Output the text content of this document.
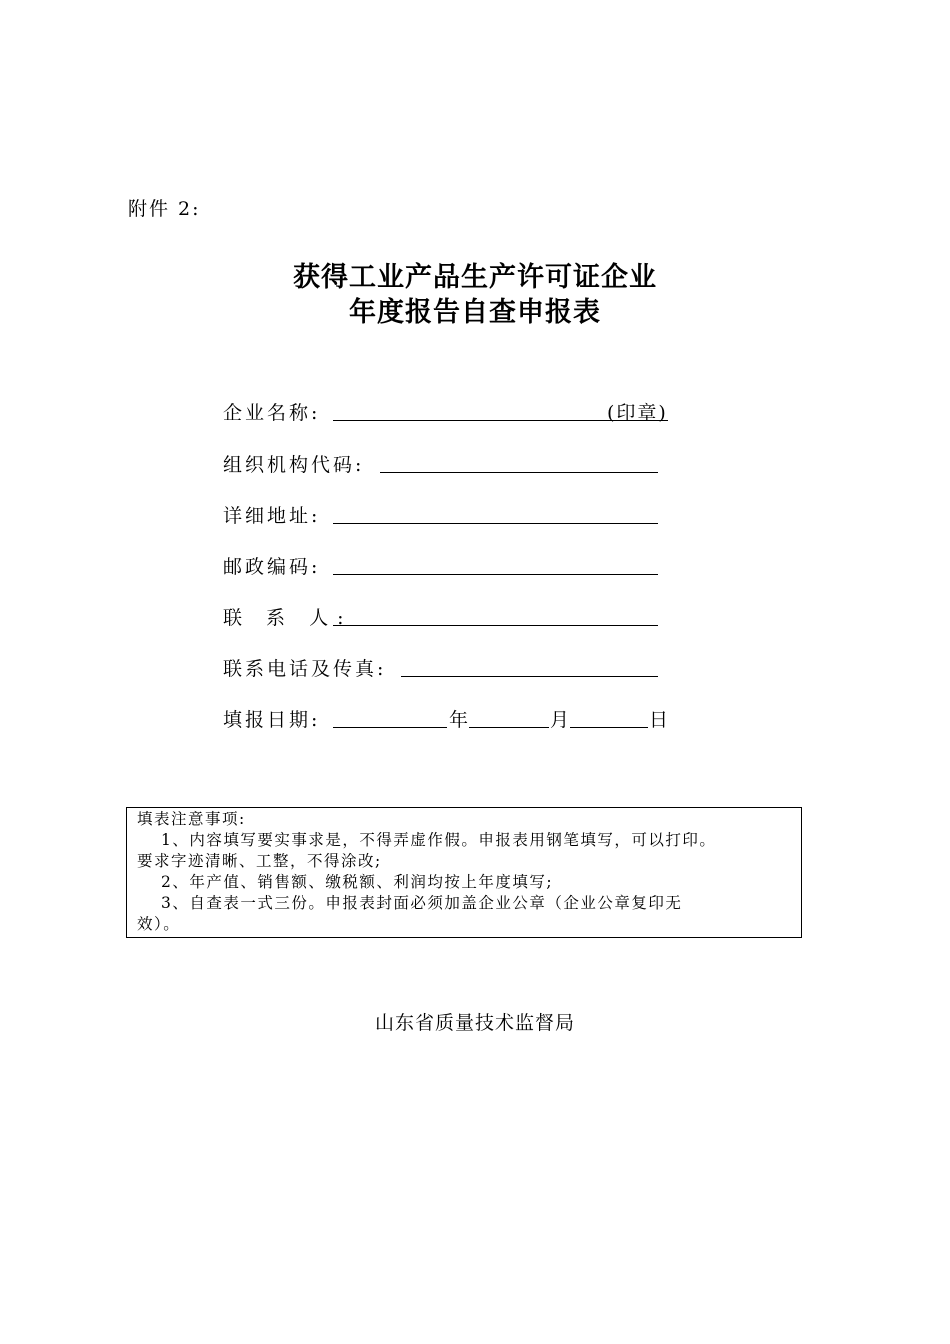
附件 2:
获得工业产品生产许可证企业
年度报告自查申报表
企业名称:	(印章)
组织机构代码:
详细地址:
邮政编码:
联 系 人:
联系电话及传真:
填报日期:	年	月	日
填表注意事项:
1、内容填写要实事求是，不得弄虚作假。申报表用钢笔填写，可以打印。
要求字迹清晰、工整，不得涂改;
2、年产值、销售额、缴税额、利润均按上年度填写;
3、自查表一式三份。申报表封面必须加盖企业公章（企业公章复印无
效）。
山东省质量技术监督局
